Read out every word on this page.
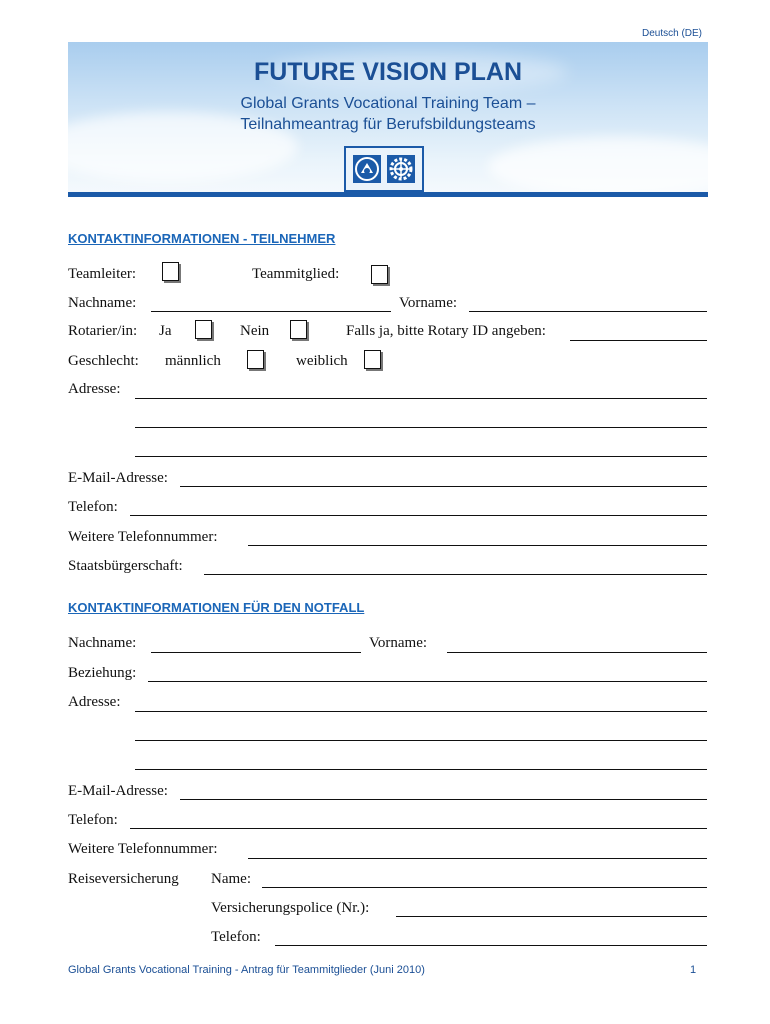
Deutsch (DE)
FUTURE VISION PLAN
Global Grants Vocational Training Team –
Teilnahmeantrag für Berufsbildungsteams
KONTAKTINFORMATIONEN - TEILNEHMER
Teamleiter:	Teammitglied:
Nachname:	Vorname:
Rotarier/in: Ja	Nein	Falls ja, bitte Rotary ID angeben:
Geschlecht: männlich	weiblich
Adresse:
E-Mail-Adresse:
Telefon:
Weitere Telefonnummer:
Staatsbürgerschaft:
KONTAKTINFORMATIONEN FÜR DEN NOTFALL
Nachname:	Vorname:
Beziehung:
Adresse:
E-Mail-Adresse:
Telefon:
Weitere Telefonnummer:
Reiseversicherung Name:
Versicherungspolice (Nr.):
Telefon:
Global Grants Vocational Training - Antrag für Teammitglieder (Juni 2010)	1
